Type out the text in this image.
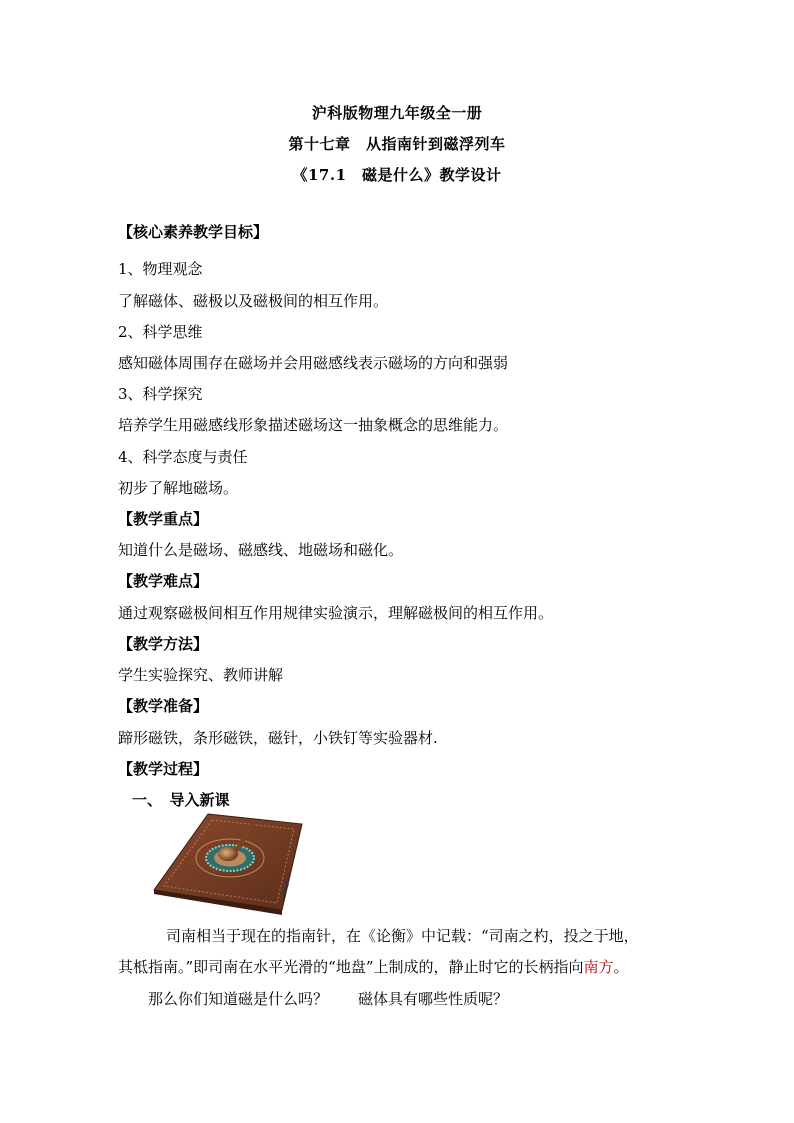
沪科版物理九年级全一册
第十七章　从指南针到磁浮列车
《17.1　磁是什么》教学设计
【核心素养教学目标】
1、物理观念
了解磁体、磁极以及磁极间的相互作用。
2、科学思维
感知磁体周围存在磁场并会用磁感线表示磁场的方向和强弱
3、科学探究
培养学生用磁感线形象描述磁场这一抽象概念的思维能力。
4、科学态度与责任
初步了解地磁场。
【教学重点】
知道什么是磁场、磁感线、地磁场和磁化。
【教学难点】
通过观察磁极间相互作用规律实验演示，理解磁极间的相互作用。
【教学方法】
学生实验探究、教师讲解
【教学准备】
蹄形磁铁，条形磁铁，磁针，小铁钉等实验器材.
【教学过程】
一、　导入新课
司南相当于现在的指南针，在《论衡》中记载：“司南之杓，投之于地，
其柢指南。”即司南在水平光滑的“地盘”上制成的，静止时它的长柄指向南方。
那么你们知道磁是什么吗？　　磁体具有哪些性质呢？
